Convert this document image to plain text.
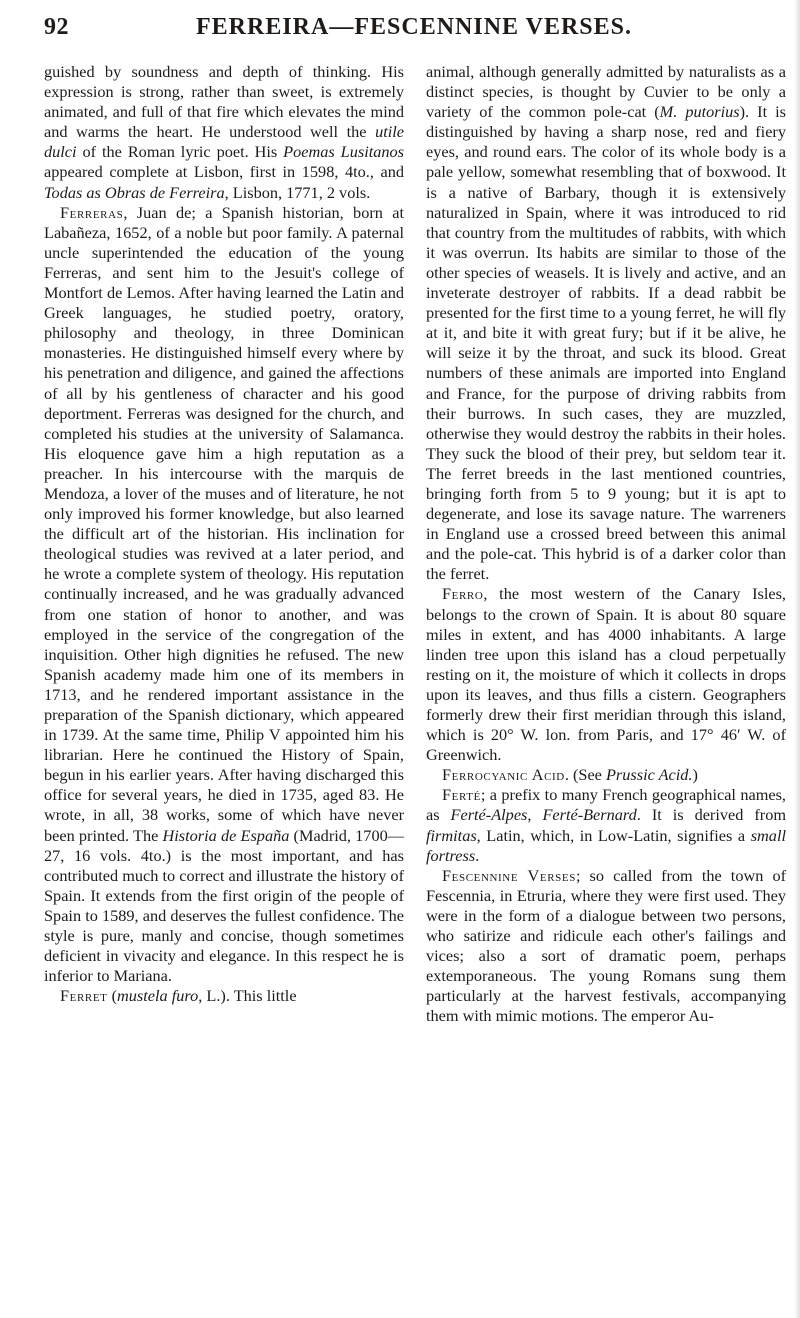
92	FERREIRA—FESCENNINE VERSES.

guished by soundness and depth of thinking. His expression is strong, rather than sweet, is extremely animated, and full of that fire which elevates the mind and warms the heart. He understood well the utile dulci of the Roman lyric poet. His Poemas Lusitanos appeared complete at Lisbon, first in 1598, 4to., and Todas as Obras de Ferreira, Lisbon, 1771, 2 vols.

Ferreras, Juan de; a Spanish historian, born at Labañeza, 1652, of a noble but poor family. A paternal uncle superintended the education of the young Ferreras, and sent him to the Jesuit's college of Montfort de Lemos. After having learned the Latin and Greek languages, he studied poetry, oratory, philosophy and theology, in three Dominican monasteries. He distinguished himself every where by his penetration and diligence, and gained the affections of all by his gentleness of character and his good deportment. Ferreras was designed for the church, and completed his studies at the university of Salamanca. His eloquence gave him a high reputation as a preacher. In his intercourse with the marquis de Mendoza, a lover of the muses and of literature, he not only improved his former knowledge, but also learned the difficult art of the historian. His inclination for theological studies was revived at a later period, and he wrote a complete system of theology. His reputation continually increased, and he was gradually advanced from one station of honor to another, and was employed in the service of the congregation of the inquisition. Other high dignities he refused. The new Spanish academy made him one of its members in 1713, and he rendered important assistance in the preparation of the Spanish dictionary, which appeared in 1739. At the same time, Philip V appointed him his librarian. Here he continued the History of Spain, begun in his earlier years. After having discharged this office for several years, he died in 1735, aged 83. He wrote, in all, 38 works, some of which have never been printed. The Historia de España (Madrid, 1700—27, 16 vols. 4to.) is the most important, and has contributed much to correct and illustrate the history of Spain. It extends from the first origin of the people of Spain to 1589, and deserves the fullest confidence. The style is pure, manly and concise, though sometimes deficient in vivacity and elegance. In this respect he is inferior to Mariana.

Ferret (mustela furo, L.). This little

animal, although generally admitted by naturalists as a distinct species, is thought by Cuvier to be only a variety of the common pole-cat (M. putorius). It is distinguished by having a sharp nose, red and fiery eyes, and round ears. The color of its whole body is a pale yellow, somewhat resembling that of boxwood. It is a native of Barbary, though it is extensively naturalized in Spain, where it was introduced to rid that country from the multitudes of rabbits, with which it was overrun. Its habits are similar to those of the other species of weasels. It is lively and active, and an inveterate destroyer of rabbits. If a dead rabbit be presented for the first time to a young ferret, he will fly at it, and bite it with great fury; but if it be alive, he will seize it by the throat, and suck its blood. Great numbers of these animals are imported into England and France, for the purpose of driving rabbits from their burrows. In such cases, they are muzzled, otherwise they would destroy the rabbits in their holes. They suck the blood of their prey, but seldom tear it. The ferret breeds in the last mentioned countries, bringing forth from 5 to 9 young; but it is apt to degenerate, and lose its savage nature. The warreners in England use a crossed breed between this animal and the pole-cat. This hybrid is of a darker color than the ferret.

Ferro, the most western of the Canary Isles, belongs to the crown of Spain. It is about 80 square miles in extent, and has 4000 inhabitants. A large linden tree upon this island has a cloud perpetually resting on it, the moisture of which it collects in drops upon its leaves, and thus fills a cistern. Geographers formerly drew their first meridian through this island, which is 20° W. lon. from Paris, and 17° 46′ W. of Greenwich.

Ferrocyanic Acid. (See Prussic Acid.)

Ferté; a prefix to many French geographical names, as Ferté-Alpes, Ferté-Bernard. It is derived from firmitas, Latin, which, in Low-Latin, signifies a small fortress.

Fescennine Verses; so called from the town of Fescennia, in Etruria, where they were first used. They were in the form of a dialogue between two persons, who satirize and ridicule each other's failings and vices; also a sort of dramatic poem, perhaps extemporaneous. The young Romans sung them particularly at the harvest festivals, accompanying them with mimic motions. The emperor Au-
